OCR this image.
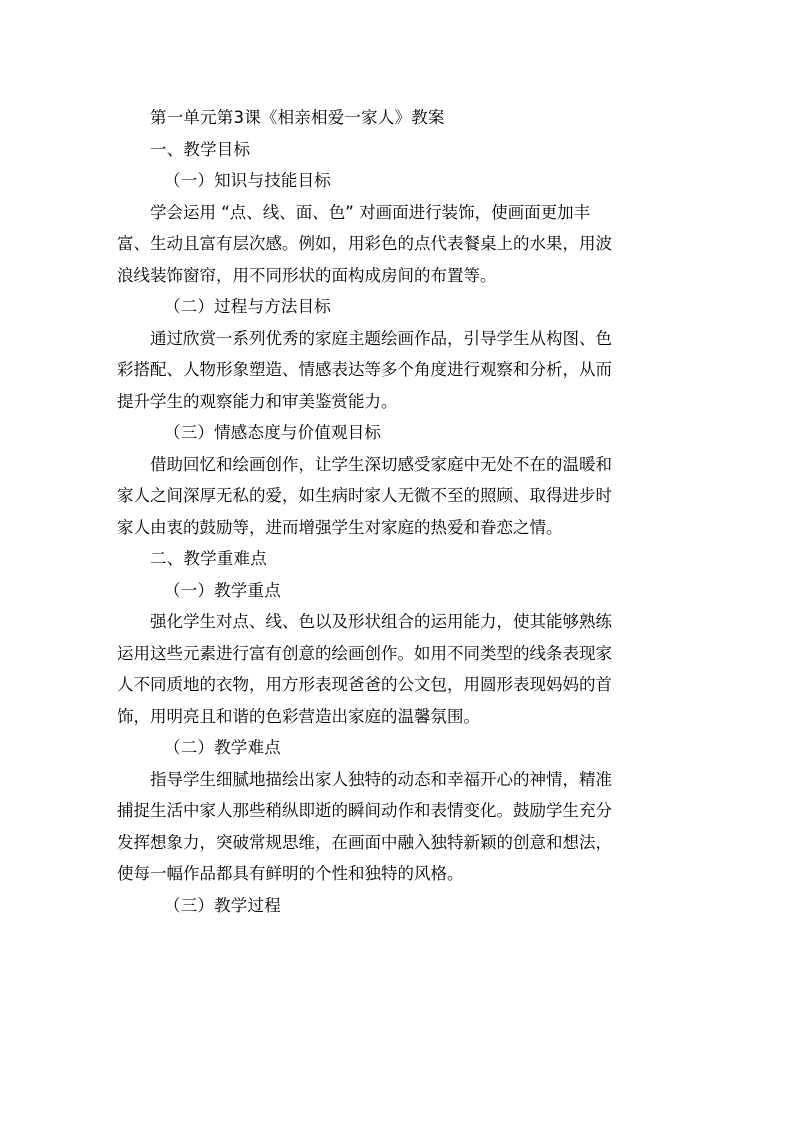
第一单元第3课《相亲相爱一家人》教案
一、教学目标
（一）知识与技能目标
学会运用 “点、线、面、色” 对画面进行装饰，使画面更加丰
富、生动且富有层次感。例如，用彩色的点代表餐桌上的水果，用波
浪线装饰窗帘，用不同形状的面构成房间的布置等。
（二）过程与方法目标
通过欣赏一系列优秀的家庭主题绘画作品，引导学生从构图、色
彩搭配、人物形象塑造、情感表达等多个角度进行观察和分析，从而
提升学生的观察能力和审美鉴赏能力。
（三）情感态度与价值观目标
借助回忆和绘画创作，让学生深切感受家庭中无处不在的温暖和
家人之间深厚无私的爱，如生病时家人无微不至的照顾、取得进步时
家人由衷的鼓励等，进而增强学生对家庭的热爱和眷恋之情。
二、教学重难点
（一）教学重点
强化学生对点、线、色以及形状组合的运用能力，使其能够熟练
运用这些元素进行富有创意的绘画创作。如用不同类型的线条表现家
人不同质地的衣物，用方形表现爸爸的公文包，用圆形表现妈妈的首
饰，用明亮且和谐的色彩营造出家庭的温馨氛围。
（二）教学难点
指导学生细腻地描绘出家人独特的动态和幸福开心的神情，精准
捕捉生活中家人那些稍纵即逝的瞬间动作和表情变化。鼓励学生充分
发挥想象力，突破常规思维，在画面中融入独特新颖的创意和想法，
使每一幅作品都具有鲜明的个性和独特的风格。
（三）教学过程
